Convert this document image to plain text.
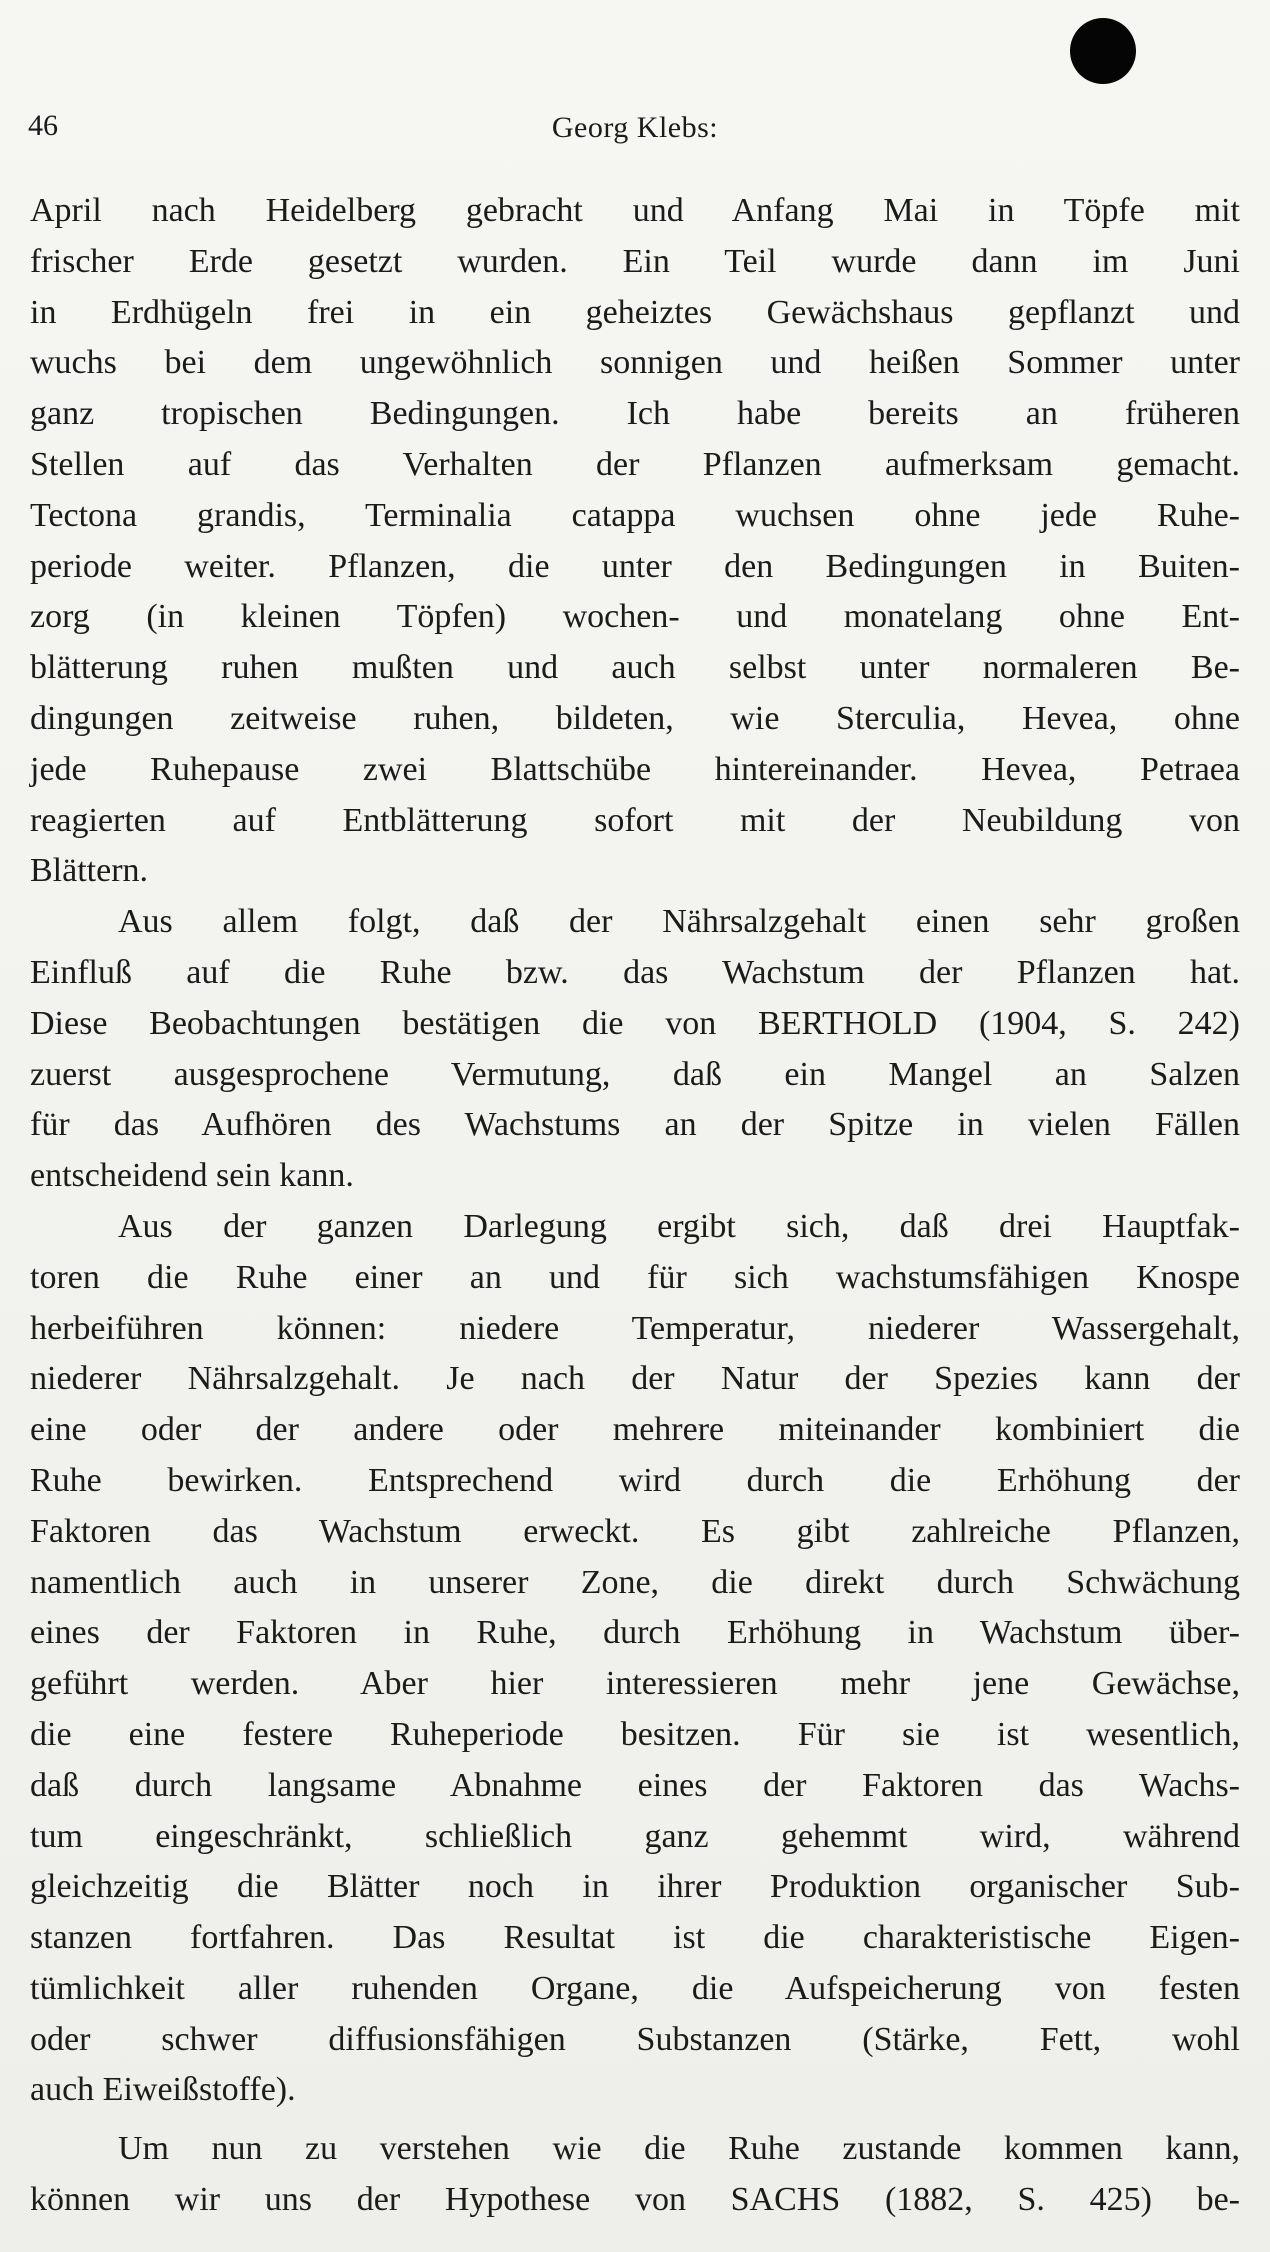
46	Georg Klebs:
April nach Heidelberg gebracht und Anfang Mai in Töpfe mit
frischer Erde gesetzt wurden. Ein Teil wurde dann im Juni
in Erdhügeln frei in ein geheiztes Gewächshaus gepflanzt und
wuchs bei dem ungewöhnlich sonnigen und heißen Sommer unter
ganz tropischen Bedingungen. Ich habe bereits an früheren
Stellen auf das Verhalten der Pflanzen aufmerksam gemacht.
Tectona grandis, Terminalia catappa wuchsen ohne jede Ruhe-
periode weiter. Pflanzen, die unter den Bedingungen in Buiten-
zorg (in kleinen Töpfen) wochen- und monatelang ohne Ent-
blätterung ruhen mußten und auch selbst unter normaleren Be-
dingungen zeitweise ruhen, bildeten, wie Sterculia, Hevea, ohne
jede Ruhepause zwei Blattschübe hintereinander. Hevea, Petraea
reagierten auf Entblätterung sofort mit der Neubildung von
Blättern.
Aus allem folgt, daß der Nährsalzgehalt einen sehr großen
Einfluß auf die Ruhe bzw. das Wachstum der Pflanzen hat.
Diese Beobachtungen bestätigen die von BERTHOLD (1904, S. 242)
zuerst ausgesprochene Vermutung, daß ein Mangel an Salzen
für das Aufhören des Wachstums an der Spitze in vielen Fällen
entscheidend sein kann.
Aus der ganzen Darlegung ergibt sich, daß drei Hauptfak-
toren die Ruhe einer an und für sich wachstumsfähigen Knospe
herbeiführen können: niedere Temperatur, niederer Wassergehalt,
niederer Nährsalzgehalt. Je nach der Natur der Spezies kann der
eine oder der andere oder mehrere miteinander kombiniert die
Ruhe bewirken. Entsprechend wird durch die Erhöhung der
Faktoren das Wachstum erweckt. Es gibt zahlreiche Pflanzen,
namentlich auch in unserer Zone, die direkt durch Schwächung
eines der Faktoren in Ruhe, durch Erhöhung in Wachstum über-
geführt werden. Aber hier interessieren mehr jene Gewächse,
die eine festere Ruheperiode besitzen. Für sie ist wesentlich,
daß durch langsame Abnahme eines der Faktoren das Wachs-
tum eingeschränkt, schließlich ganz gehemmt wird, während
gleichzeitig die Blätter noch in ihrer Produktion organischer Sub-
stanzen fortfahren. Das Resultat ist die charakteristische Eigen-
tümlichkeit aller ruhenden Organe, die Aufspeicherung von festen
oder schwer diffusionsfähigen Substanzen (Stärke, Fett, wohl
auch Eiweißstoffe).
Um nun zu verstehen wie die Ruhe zustande kommen kann,
können wir uns der Hypothese von SACHS (1882, S. 425) be-
